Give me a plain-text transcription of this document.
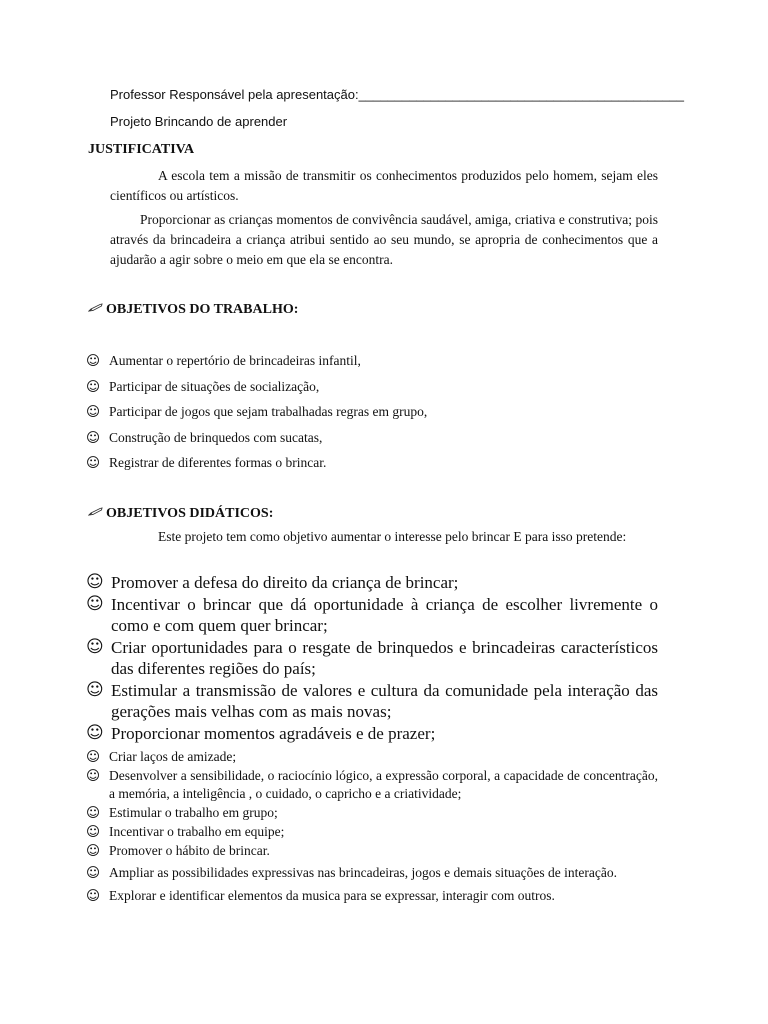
Professor Responsável pela apresentação:_____________________________________________
Projeto Brincando de aprender
JUSTIFICATIVA
A escola tem a missão de transmitir os conhecimentos produzidos pelo homem, sejam eles científicos ou artísticos.
Proporcionar as crianças momentos de convivência saudável, amiga, criativa e construtiva; pois através da brincadeira a criança atribui sentido ao seu mundo, se apropria de conhecimentos que a ajudarão a agir sobre o meio em que ela se encontra.
OBJETIVOS DO TRABALHO:
☺ Aumentar o repertório de brincadeiras infantil,
☺ Participar de situações de socialização,
☺ Participar de jogos que sejam trabalhadas regras em grupo,
☺ Construção de brinquedos com sucatas,
☺ Registrar de diferentes formas o brincar.
OBJETIVOS DIDÁTICOS:
Este projeto tem como objetivo aumentar o interesse pelo brincar E para isso pretende:
☺ Promover a defesa do direito da criança de brincar;
☺ Incentivar o brincar que dá oportunidade à criança de escolher livremente o como e com quem quer brincar;
☺ Criar oportunidades para o resgate de brinquedos e brincadeiras característicos das diferentes regiões do país;
☺ Estimular a transmissão de valores e cultura da comunidade pela interação das gerações mais velhas com as mais novas;
☺ Proporcionar momentos agradáveis e de prazer;
☺ Criar laços de amizade;
☺ Desenvolver a sensibilidade, o raciocínio lógico, a expressão corporal, a capacidade de concentração, a memória, a inteligência , o cuidado, o capricho e a criatividade;
☺ Estimular o trabalho em grupo;
☺ Incentivar o trabalho em equipe;
☺ Promover o hábito de brincar.
☺ Ampliar as possibilidades expressivas nas brincadeiras, jogos e demais situações de interação.
☺ Explorar e identificar elementos da musica para se expressar, interagir com outros.
